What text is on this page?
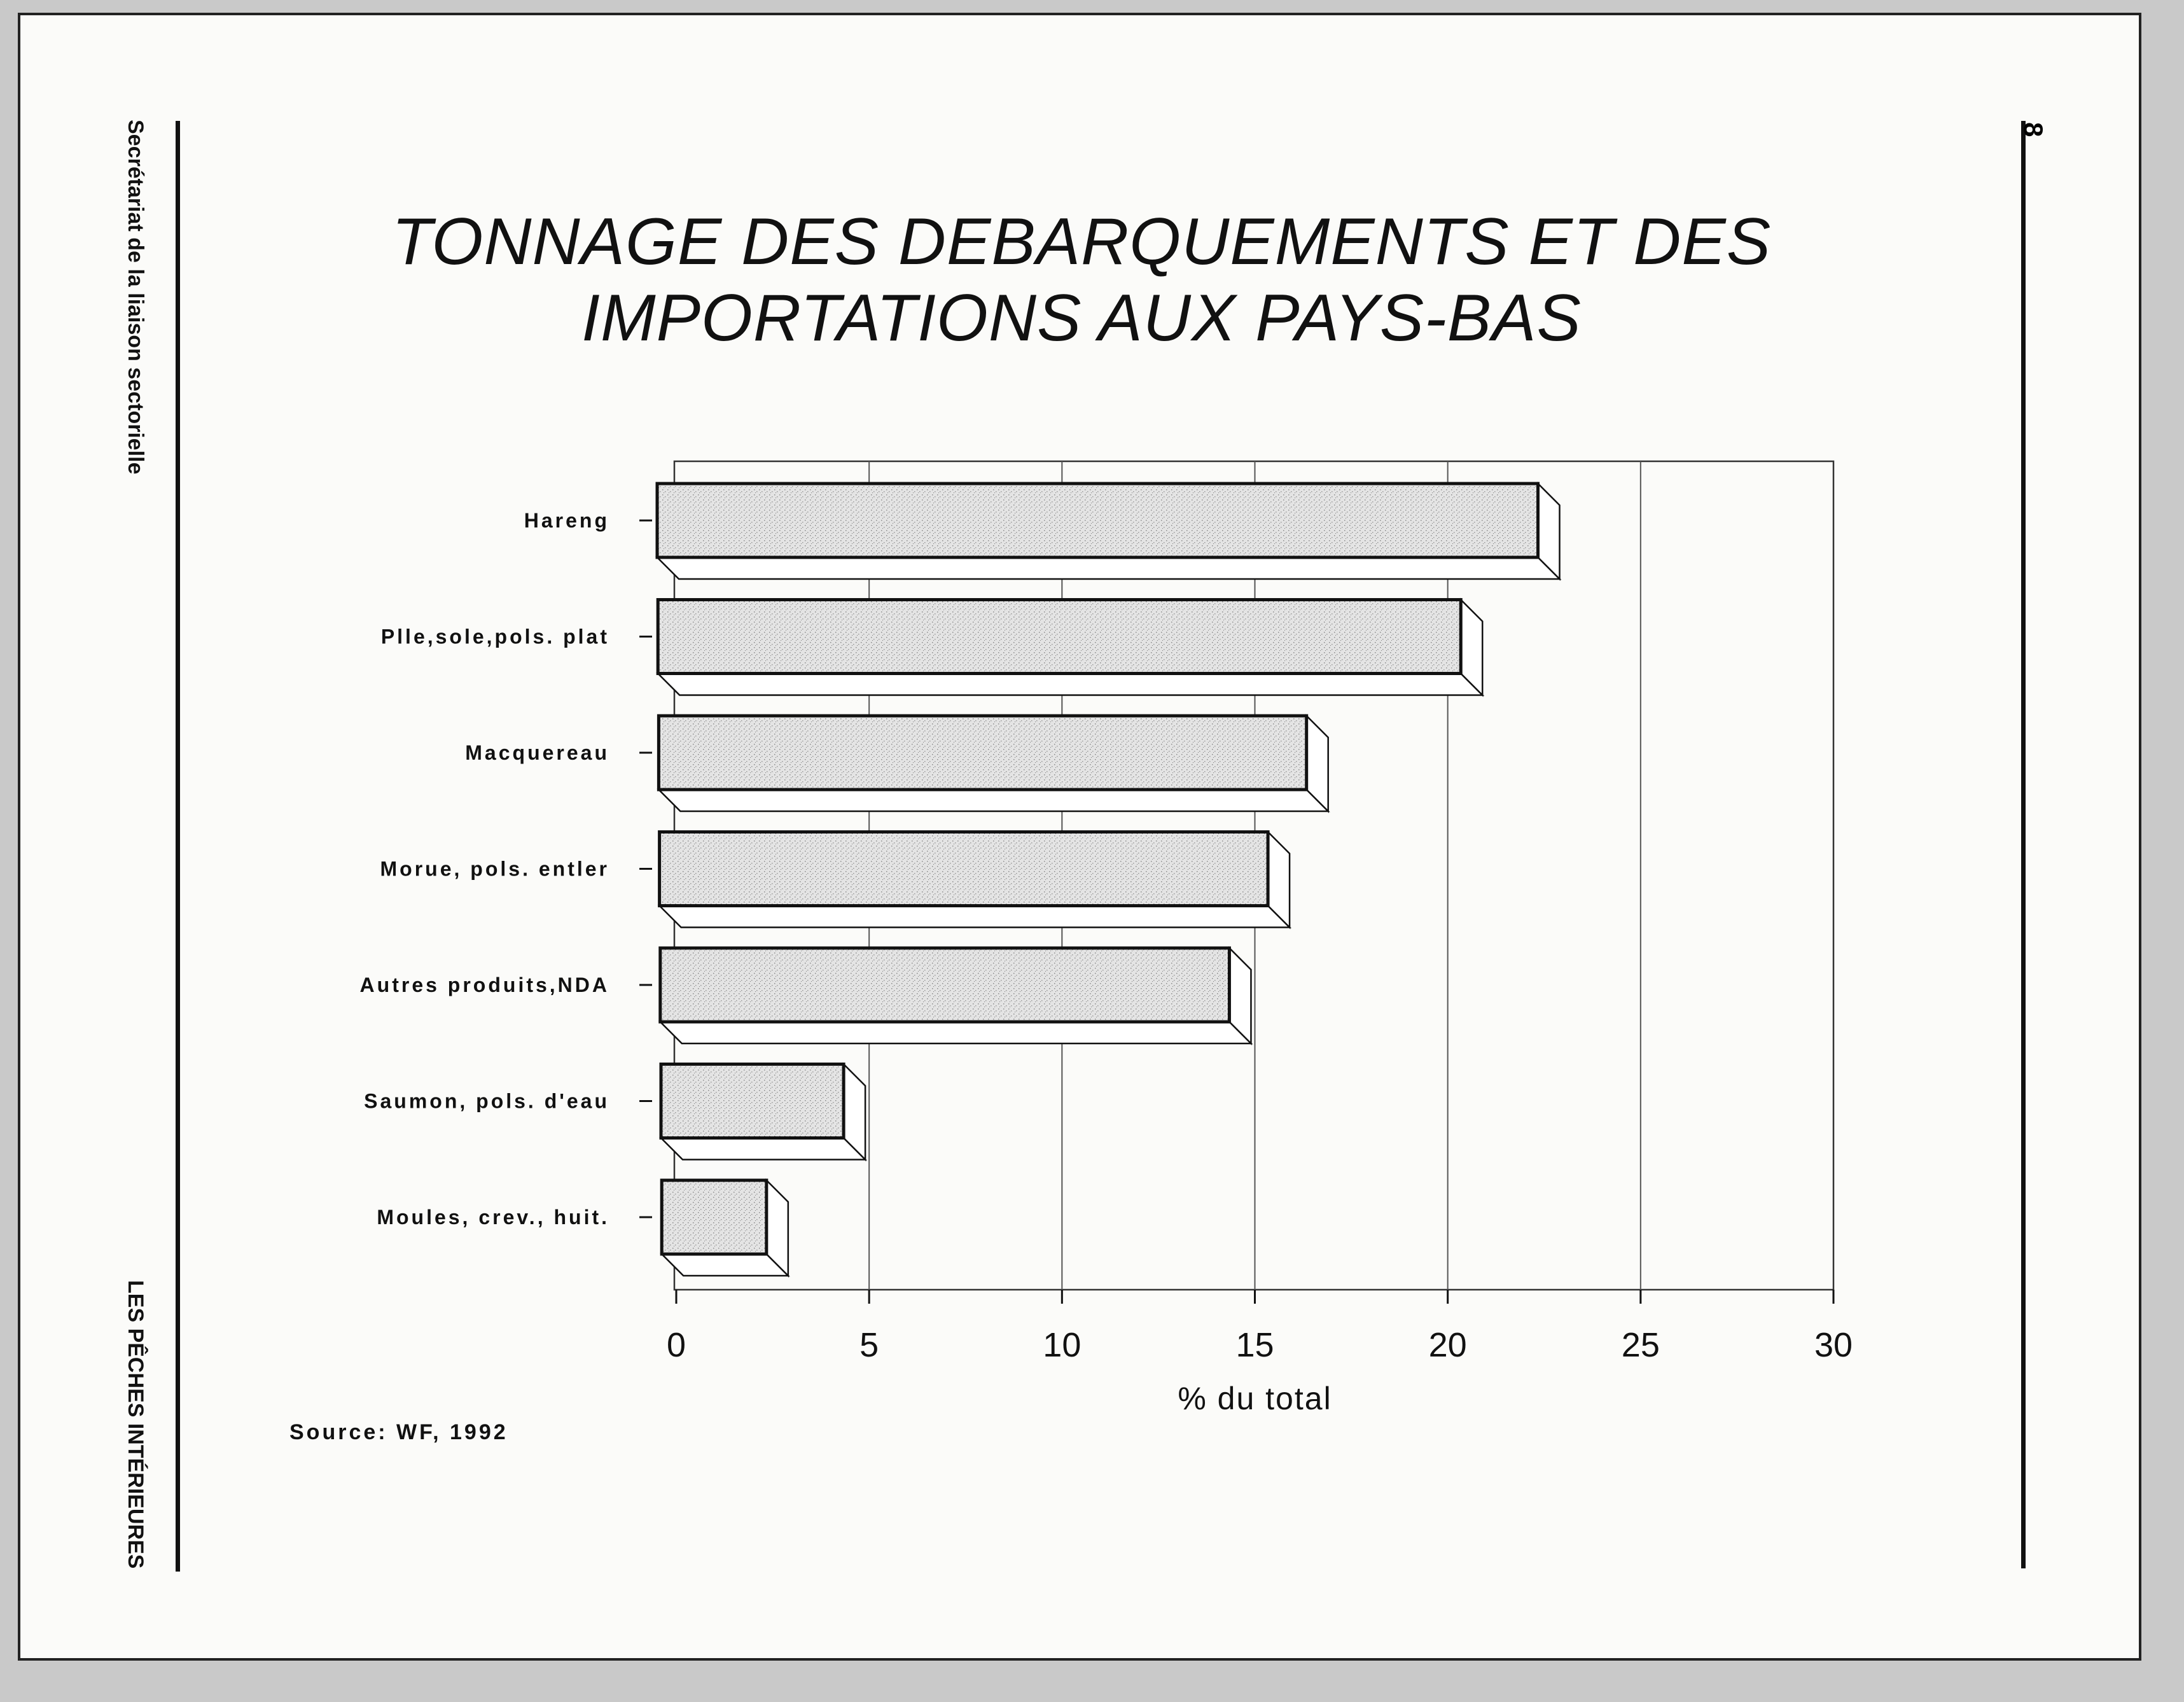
Secrétariat de la liaison sectorielle
LES PÊCHES INTÉRIEURES
8
TONNAGE DES DEBARQUEMENTS ET DES
IMPORTATIONS AUX PAYS-BAS
0	5	10	15	20	25	30
% du total
Hareng
Plle,sole,pols. plat
Macquereau
Morue, pols. entler
Autres produits,NDA
Saumon, pols. d'eau
Moules, crev., huit.
Source: WF, 1992
